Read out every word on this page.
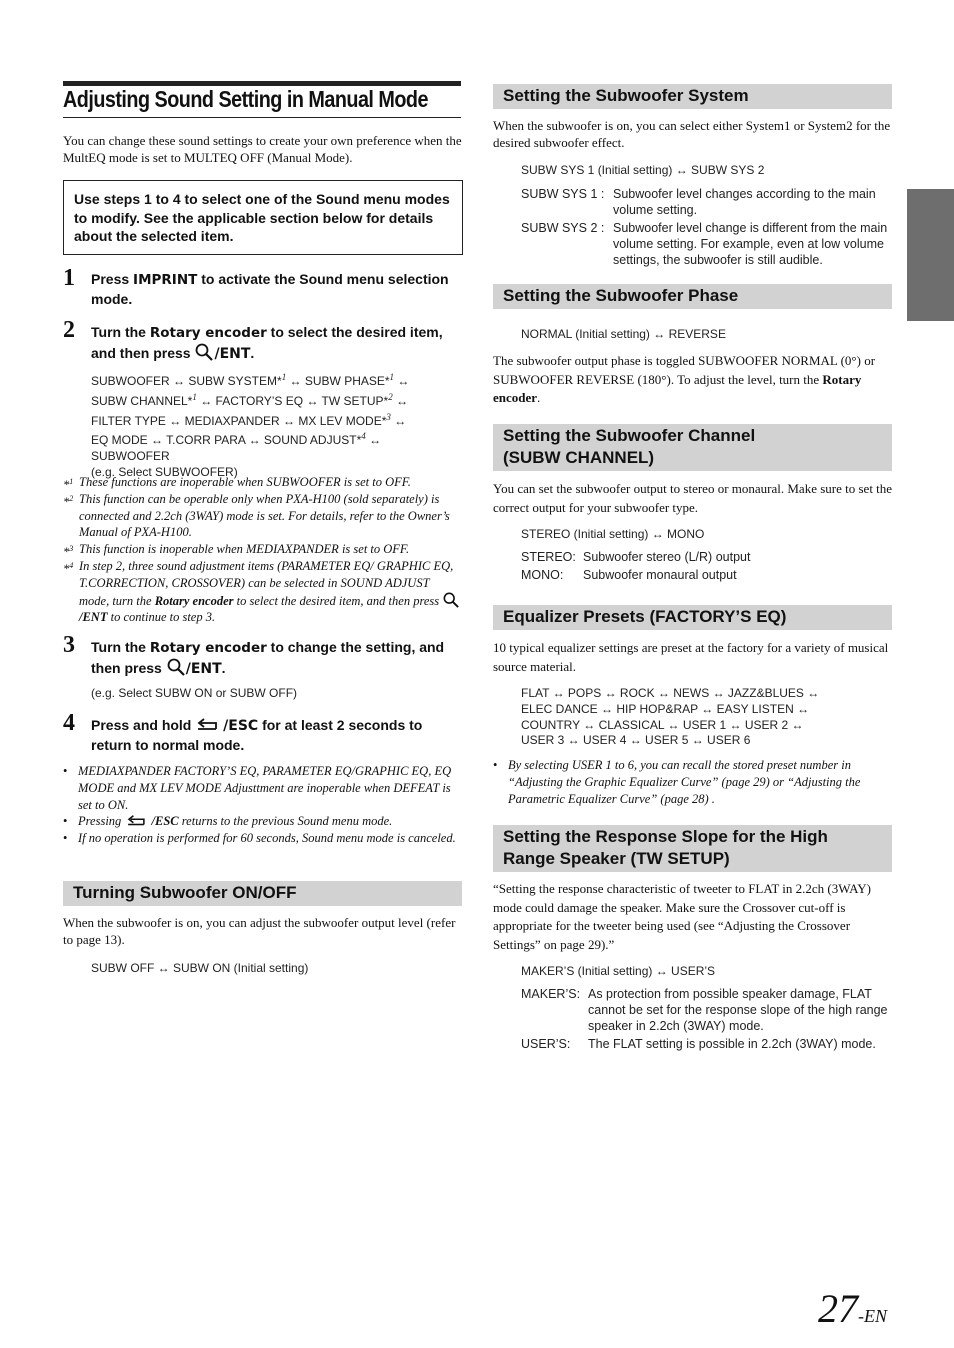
Adjusting Sound Setting in Manual Mode
You can change these sound settings to create your own preference when the MultEQ mode is set to MULTEQ OFF (Manual Mode).
Use steps 1 to 4 to select one of the Sound menu modes to modify. See the applicable section below for details about the selected item.
1 Press IMPRINT to activate the Sound menu selection mode.
2 Turn the Rotary encoder to select the desired item, and then press /ENT.
SUBWOOFER ↔ SUBW SYSTEM*$^1$ ↔ SUBW PHASE*$^1$ ↔
SUBW CHANNEL*$^1$ ↔ FACTORY’S EQ ↔ TW SETUP*$^2$ ↔
FILTER TYPE ↔ MEDIAXPANDER ↔ MX LEV MODE*$^3$ ↔
EQ MODE ↔ T.CORR PARA ↔ SOUND ADJUST*$^4$ ↔
SUBWOOFER
(e.g. Select SUBWOOFER)
*$^1$ These functions are inoperable when SUBWOOFER is set to OFF.
*$^2$ This function can be operable only when PXA-H100 (sold separately) is connected and 2.2ch (3WAY) mode is set. For details, refer to the Owner’s Manual of PXA-H100.
*$^3$ This function is inoperable when MEDIAXPANDER is set to OFF.
*$^4$ In step 2, three sound adjustment items (PARAMETER EQ/ GRAPHIC EQ, T.CORRECTION, CROSSOVER) can be selected in SOUND ADJUST mode, turn the Rotary encoder to select the desired item, and then press /ENT to continue to step 3.
3 Turn the Rotary encoder to change the setting, and then press /ENT.
(e.g. Select SUBW ON or SUBW OFF)
4 Press and hold  /ESC for at least 2 seconds to return to normal mode.
• MEDIAXPANDER FACTORY’S EQ, PARAMETER EQ/GRAPHIC EQ, EQ MODE and MX LEV MODE Adjusttment are inoperable when DEFEAT is set to ON.
• Pressing  /ESC returns to the previous Sound menu mode.
• If no operation is performed for 60 seconds, Sound menu mode is canceled.
Turning Subwoofer ON/OFF
When the subwoofer is on, you can adjust the subwoofer output level (refer to page 13).
SUBW OFF ↔ SUBW ON (Initial setting)
Setting the Subwoofer System
When the subwoofer is on, you can select either System1 or System2 for the desired subwoofer effect.
SUBW SYS 1 (Initial setting) ↔ SUBW SYS 2
SUBW SYS 1 : Subwoofer level changes according to the main volume setting.
SUBW SYS 2 : Subwoofer level change is different from the main volume setting. For example, even at low volume settings, the subwoofer is still audible.
Setting the Subwoofer Phase
NORMAL (Initial setting) ↔ REVERSE
The subwoofer output phase is toggled SUBWOOFER NORMAL (0°) or SUBWOOFER REVERSE (180°). To adjust the level, turn the Rotary encoder.
Setting the Subwoofer Channel
(SUBW CHANNEL)
You can set the subwoofer output to stereo or monaural. Make sure to set the correct output for your subwoofer type.
STEREO (Initial setting) ↔ MONO
STEREO: Subwoofer stereo (L/R) output
MONO: Subwoofer monaural output
Equalizer Presets (FACTORY’S EQ)
10 typical equalizer settings are preset at the factory for a variety of musical source material.
FLAT ↔ POPS ↔ ROCK ↔ NEWS ↔ JAZZ&BLUES ↔
ELEC DANCE ↔ HIP HOP&RAP ↔ EASY LISTEN ↔
COUNTRY ↔ CLASSICAL ↔ USER 1 ↔ USER 2 ↔
USER 3 ↔ USER 4 ↔ USER 5 ↔ USER 6
• By selecting USER 1 to 6, you can recall the stored preset number in “Adjusting the Graphic Equalizer Curve” (page 29) or “Adjusting the Parametric Equalizer Curve” (page 28) .
Setting the Response Slope for the High
Range Speaker (TW SETUP)
“Setting the response characteristic of tweeter to FLAT in 2.2ch (3WAY) mode could damage the speaker. Make sure the Crossover cut-off is appropriate for the tweeter being used (see “Adjusting the Crossover Settings” on page 29).”
MAKER’S (Initial setting) ↔ USER’S
MAKER’S: As protection from possible speaker damage, FLAT cannot be set for the response slope of the high range speaker in 2.2ch (3WAY) mode.
USER’S: The FLAT setting is possible in 2.2ch (3WAY) mode.
27-EN
